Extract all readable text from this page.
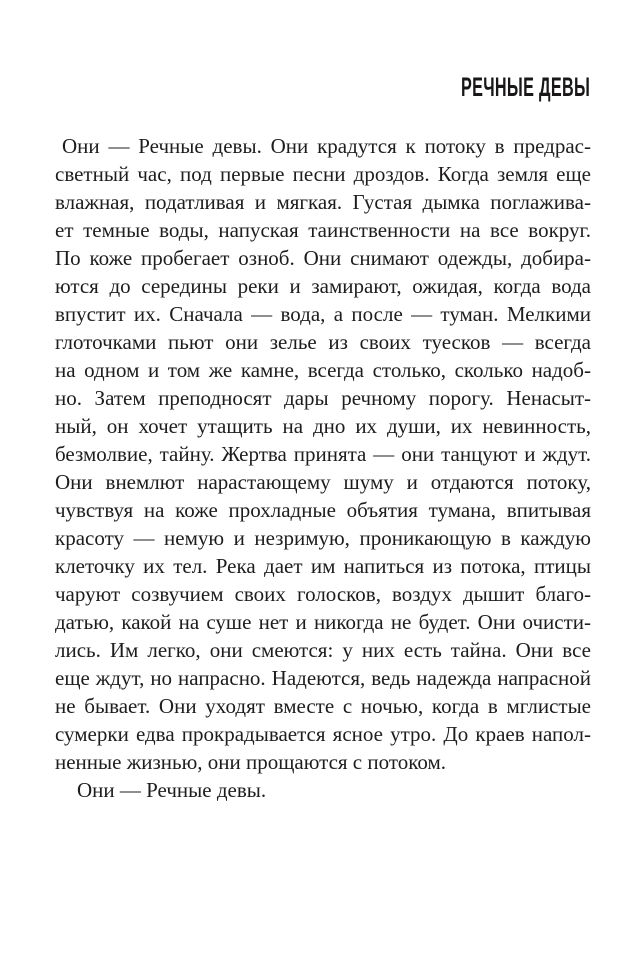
РЕЧНЫЕ ДЕВЫ
Они — Речные девы. Они крадутся к потоку в предрас-
светный час, под первые песни дроздов. Когда земля еще
влажная, податливая и мягкая. Густая дымка поглажива-
ет темные воды, напуская таинственности на все вокруг.
По коже пробегает озноб. Они снимают одежды, добира-
ются до середины реки и замирают, ожидая, когда вода
впустит их. Сначала — вода, а после — туман. Мелкими
глоточками пьют они зелье из своих туесков — всегда
на одном и том же камне, всегда столько, сколько надоб-
но. Затем преподносят дары речному порогу. Ненасыт-
ный, он хочет утащить на дно их души, их невинность,
безмолвие, тайну. Жертва принята — они танцуют и ждут.
Они внемлют нарастающему шуму и отдаются потоку,
чувствуя на коже прохладные объятия тумана, впитывая
красоту — немую и незримую, проникающую в каждую
клеточку их тел. Река дает им напиться из потока, птицы
чаруют созвучием своих голосков, воздух дышит благо-
датью, какой на суше нет и никогда не будет. Они очисти-
лись. Им легко, они смеются: у них есть тайна. Они все
еще ждут, но напрасно. Надеются, ведь надежда напрасной
не бывает. Они уходят вместе с ночью, когда в мглистые
сумерки едва прокрадывается ясное утро. До краев напол-
ненные жизнью, они прощаются с потоком.
Они — Речные девы.
